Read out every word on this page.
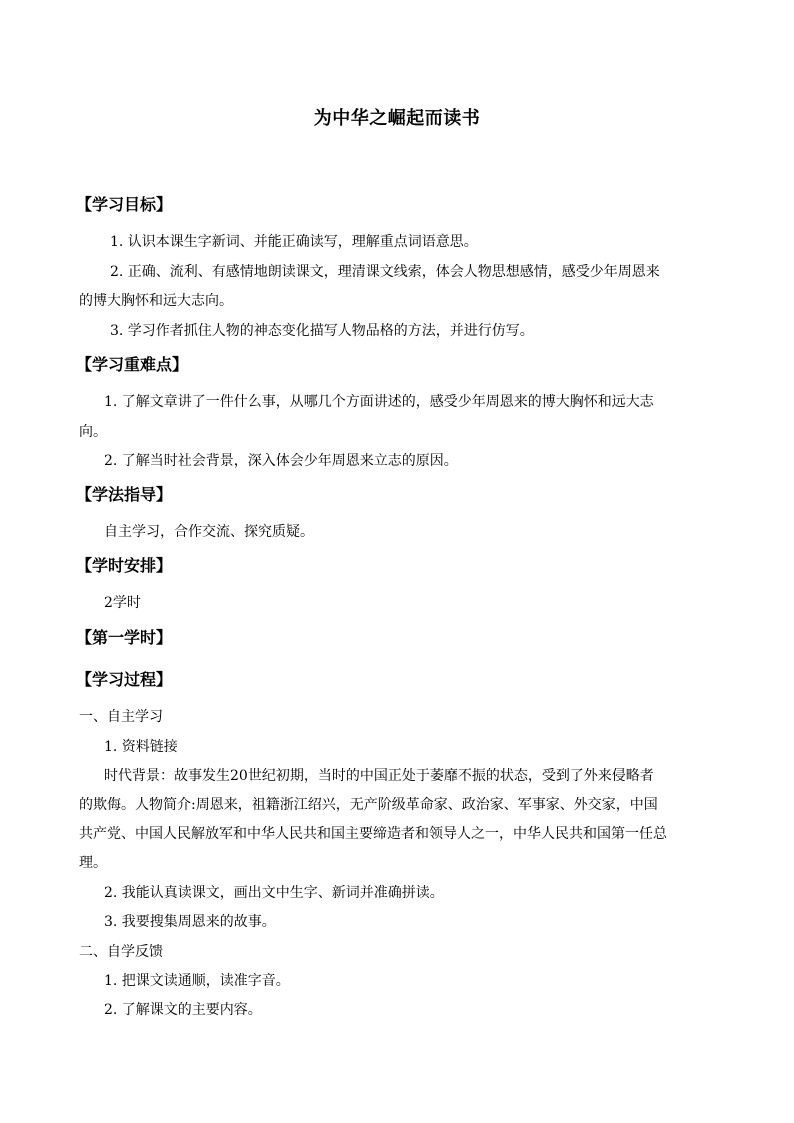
为中华之崛起而读书
【学习目标】
1. 认识本课生字新词、并能正确读写，理解重点词语意思。
2. 正确、流利、有感情地朗读课文，理清课文线索，体会人物思想感情，感受少年周恩来
的博大胸怀和远大志向。
3. 学习作者抓住人物的神态变化描写人物品格的方法，并进行仿写。
【学习重难点】
1. 了解文章讲了一件什么事，从哪几个方面讲述的，感受少年周恩来的博大胸怀和远大志
向。
2. 了解当时社会背景，深入体会少年周恩来立志的原因。
【学法指导】
自主学习，合作交流、探究质疑。
【学时安排】
2学时
【第一学时】
【学习过程】
一、自主学习
1. 资料链接
时代背景：故事发生20世纪初期，当时的中国正处于萎靡不振的状态，受到了外来侵略者
的欺侮。人物简介:周恩来，祖籍浙江绍兴，无产阶级革命家、政治家、军事家、外交家，中国
共产党、中国人民解放军和中华人民共和国主要缔造者和领导人之一，中华人民共和国第一任总
理。
2. 我能认真读课文，画出文中生字、新词并准确拼读。
3. 我要搜集周恩来的故事。
二、自学反馈
1. 把课文读通顺，读准字音。
2. 了解课文的主要内容。
